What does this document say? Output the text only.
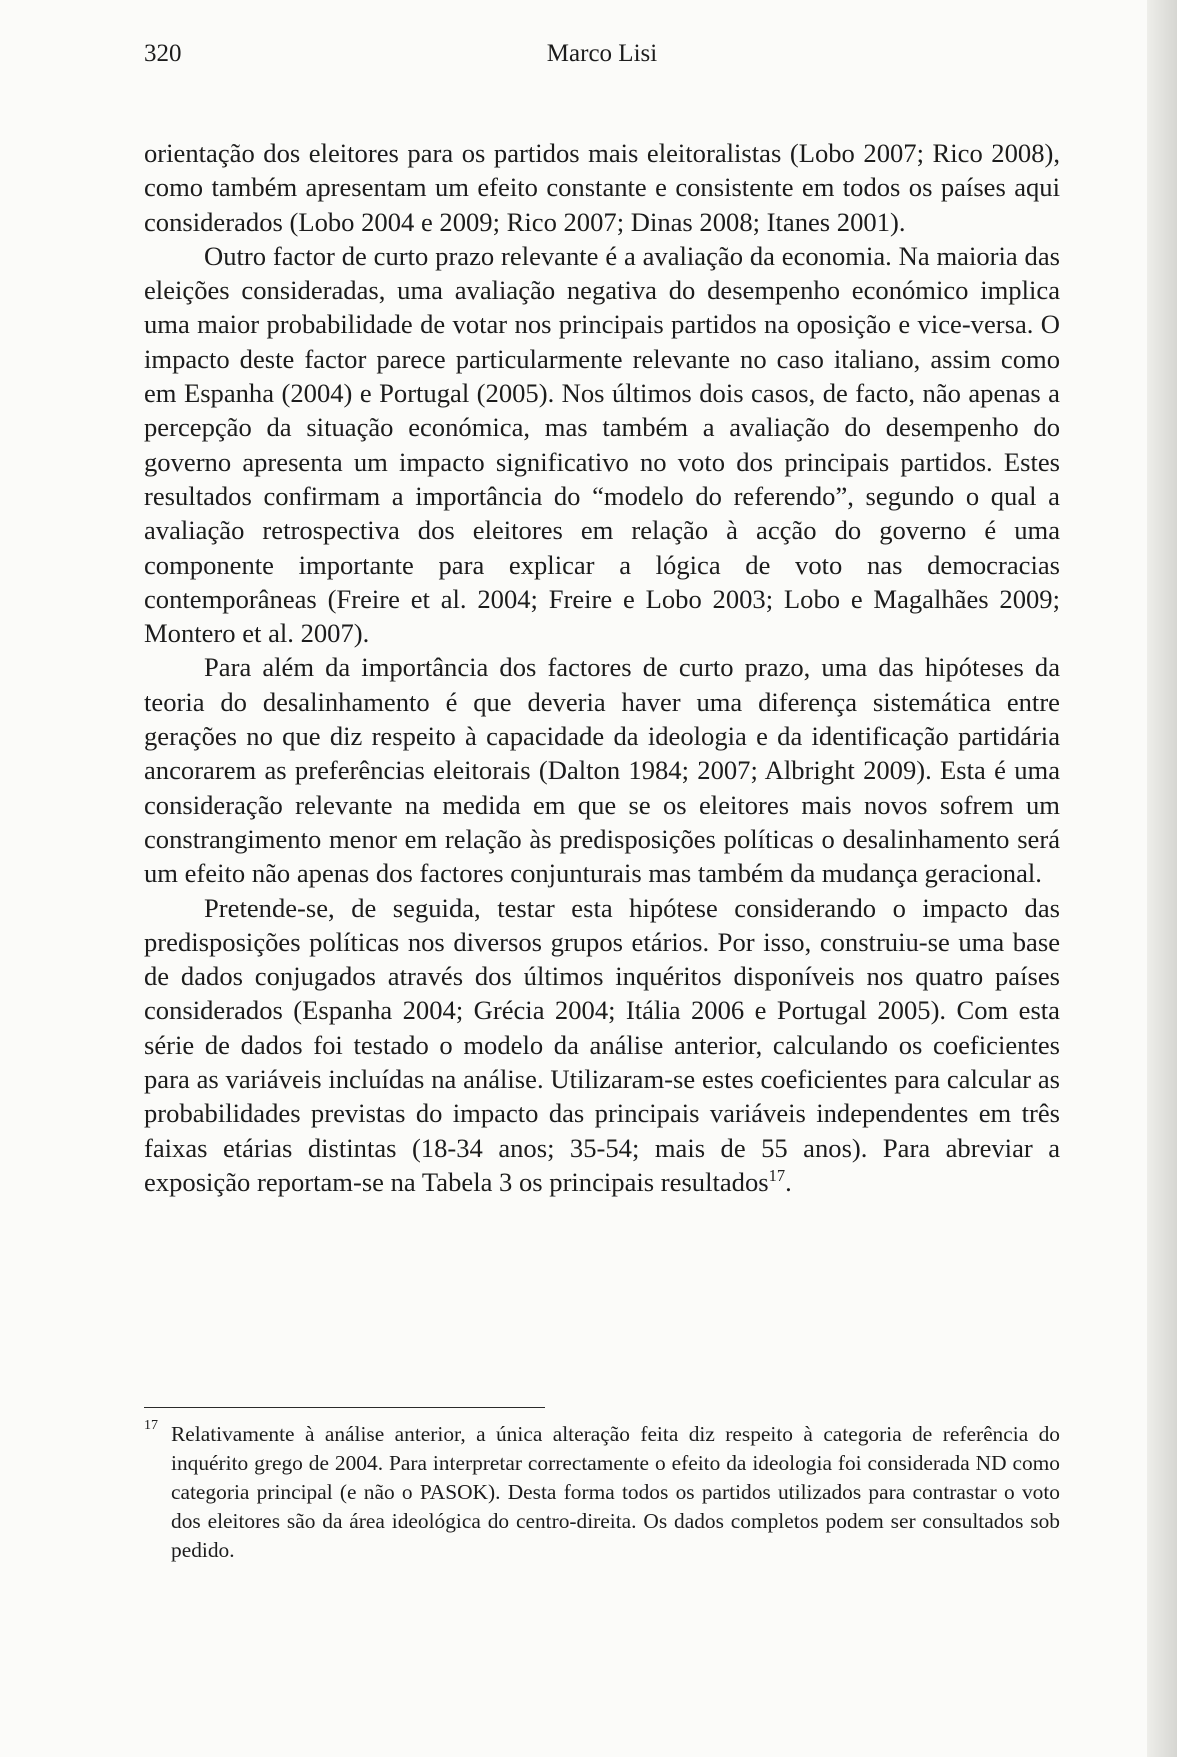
320	Marco Lisi

orientação dos eleitores para os partidos mais eleitoralistas (Lobo 2007; Rico 2008), como também apresentam um efeito constante e consistente em todos os países aqui considerados (Lobo 2004 e 2009; Rico 2007; Dinas 2008; Itanes 2001).

Outro factor de curto prazo relevante é a avaliação da economia. Na maioria das eleições consideradas, uma avaliação negativa do desempenho económico implica uma maior probabilidade de votar nos principais partidos na oposição e vice-versa. O impacto deste factor parece particularmente relevante no caso italiano, assim como em Espanha (2004) e Portugal (2005). Nos últimos dois casos, de facto, não apenas a percepção da situação económica, mas também a avaliação do desempenho do governo apresenta um impacto significativo no voto dos principais partidos. Estes resultados confirmam a importância do “modelo do referendo”, segundo o qual a avaliação retrospectiva dos eleitores em relação à acção do governo é uma componente importante para explicar a lógica de voto nas democracias contemporâneas (Freire et al. 2004; Freire e Lobo 2003; Lobo e Magalhães 2009; Montero et al. 2007).

Para além da importância dos factores de curto prazo, uma das hipóteses da teoria do desalinhamento é que deveria haver uma diferença sistemática entre gerações no que diz respeito à capacidade da ideologia e da identificação partidária ancorarem as preferências eleitorais (Dalton 1984; 2007; Albright 2009). Esta é uma consideração relevante na medida em que se os eleitores mais novos sofrem um constrangimento menor em relação às predisposições políticas o desalinhamento será um efeito não apenas dos factores conjunturais mas também da mudança geracional.

Pretende-se, de seguida, testar esta hipótese considerando o impacto das predisposições políticas nos diversos grupos etários. Por isso, construiu-se uma base de dados conjugados através dos últimos inquéritos disponíveis nos quatro países considerados (Espanha 2004; Grécia 2004; Itália 2006 e Portugal 2005). Com esta série de dados foi testado o modelo da análise anterior, calculando os coeficientes para as variáveis incluídas na análise. Utilizaram-se estes coeficientes para calcular as probabilidades previstas do impacto das principais variáveis independentes em três faixas etárias distintas (18-34 anos; 35-54; mais de 55 anos). Para abreviar a exposição reportam-se na Tabela 3 os principais resultados$^{17}$.

17 Relativamente à análise anterior, a única alteração feita diz respeito à categoria de referência do inquérito grego de 2004. Para interpretar correctamente o efeito da ideologia foi considerada ND como categoria principal (e não o PASOK). Desta forma todos os partidos utilizados para contrastar o voto dos eleitores são da área ideológica do centro-direita. Os dados completos podem ser consultados sob pedido.
